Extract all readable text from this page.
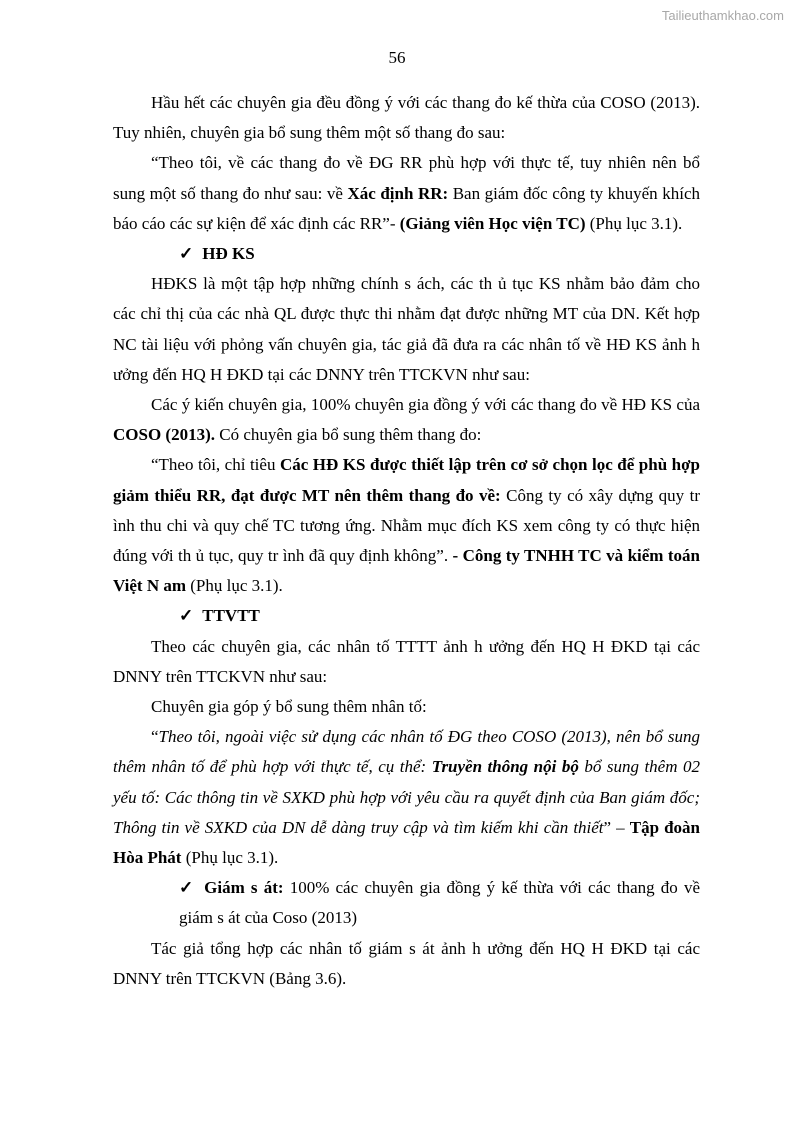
Tailieuthamkhao.com
56

Hầu hết các chuyên gia đều đồng ý với các thang đo kế thừa của COSO (2013). Tuy nhiên, chuyên gia bổ sung thêm một số thang đo sau:

“Theo tôi, về các thang đo về ĐG RR phù hợp với thực tế, tuy nhiên nên bổ sung một số thang đo như sau: về Xác định RR: Ban giám đốc công ty khuyến khích báo cáo các sự kiện để xác định các RR”- (Giảng viên Học viện TC) (Phụ lục 3.1).

✓ HĐ KS

HĐKS là một tập hợp những chính s ách, các th ủ tục KS nhằm bảo đảm cho các chỉ thị của các nhà QL được thực thi nhằm đạt được những MT của DN. Kết hợp NC tài liệu với phỏng vấn chuyên gia, tác giả đã đưa ra các nhân tố về HĐ KS ảnh h ưởng đến HQ H ĐKD tại các DNNY trên TTCKVN như sau:

Các ý kiến chuyên gia, 100% chuyên gia đồng ý với các thang đo về HĐ KS của COSO (2013). Có chuyên gia bổ sung thêm thang đo:

“Theo tôi, chỉ tiêu Các HĐ KS được thiết lập trên cơ sở chọn lọc để phù hợp giảm thiểu RR, đạt được MT nên thêm thang đo về: Công ty có xây dựng quy tr ình thu chi và quy chế TC tương ứng. Nhằm mục đích KS xem công ty có thực hiện đúng với th ủ tục, quy tr ình đã quy định không”. - Công ty TNHH TC và kiểm toán Việt N am (Phụ lục 3.1).

✓ TTVTT

Theo các chuyên gia, các nhân tố TTTT ảnh h ưởng đến HQ H ĐKD tại các DNNY trên TTCKVN như sau:

Chuyên gia góp ý bổ sung thêm nhân tố:

“Theo tôi, ngoài việc sử dụng các nhân tố ĐG theo COSO (2013), nên bổ sung thêm nhân tố để phù hợp với thực tế, cụ thể: Truyền thông nội bộ bổ sung thêm 02 yếu tố: Các thông tin về SXKD phù hợp với yêu cầu ra quyết định của Ban giám đốc; Thông tin về SXKD của DN dễ dàng truy cập và tìm kiếm khi cần thiết” – Tập đoàn Hòa Phát (Phụ lục 3.1).

✓ Giám s át: 100% các chuyên gia đồng ý kế thừa với các thang đo về giám s át của Coso (2013)

Tác giả tổng hợp các nhân tố giám s át ảnh h ưởng đến HQ H ĐKD tại các DNNY trên TTCKVN (Bảng 3.6).
